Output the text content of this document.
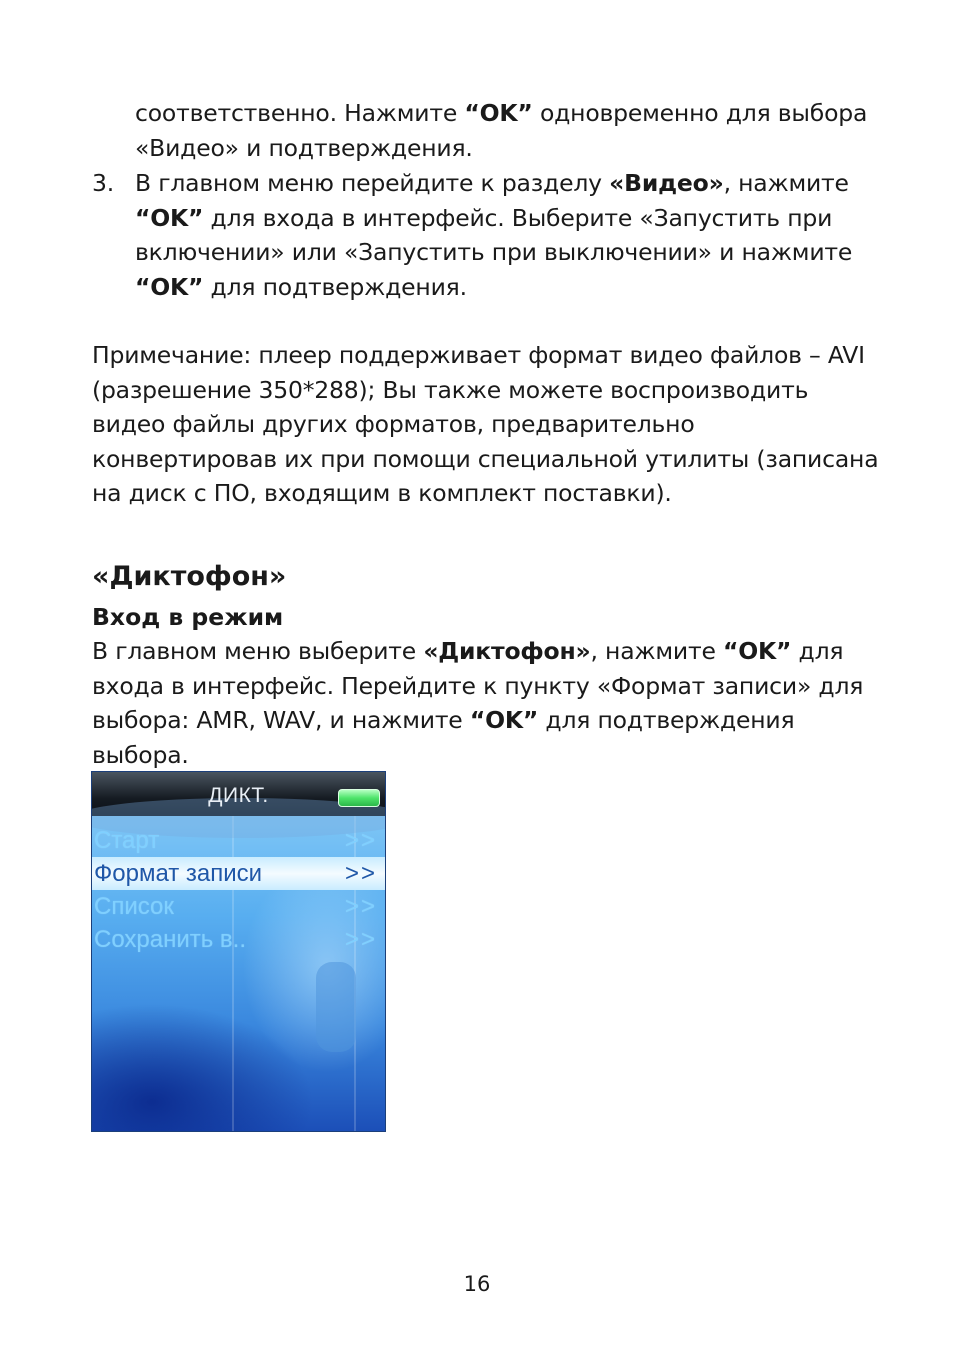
соответственно. Нажмите “OK” одновременно для выбора «Видео» и подтверждения.
3. В главном меню перейдите к разделу «Видео», нажмите “OK” для входа в интерфейс. Выберите «Запустить при включении» или «Запустить при выключении» и нажмите “OK” для подтверждения.
Примечание: плеер поддерживает формат видео файлов – AVI (разрешение 350*288); Вы также можете воспроизводить видео файлы других форматов, предварительно конвертировав их при помощи специальной утилиты (записана на диск с ПО, входящим в комплект поставки).
«Диктофон»
Вход в режим
В главном меню выберите «Диктофон», нажмите “OK” для входа в интерфейс. Перейдите к пункту «Формат записи» для выбора: AMR, WAV, и нажмите “OK” для подтверждения выбора.
ДИКТ.
Старт	>>
Формат записи	>>
Список	>>
Сохранить в..	>>
16
